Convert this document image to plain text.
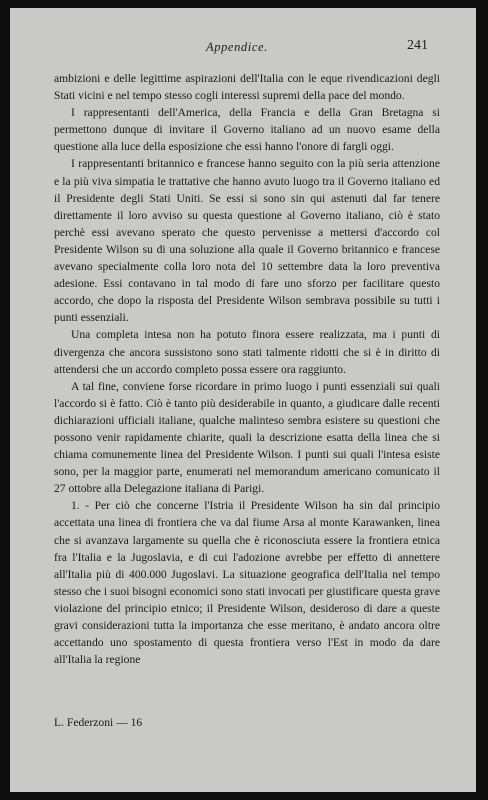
Appendice.	241

ambizioni e delle legittime aspirazioni dell'Italia con le eque rivendicazioni degli Stati vicini e nel tempo stesso cogli interessi supremi della pace del mondo.

I rappresentanti dell'America, della Francia e della Gran Bretagna si permettono dunque di invitare il Governo italiano ad un nuovo esame della questione alla luce della esposizione che essi hanno l'onore di fargli oggi.

I rappresentanti britannico e francese hanno seguito con la più seria attenzione e la più viva simpatia le trattative che hanno avuto luogo tra il Governo italiano ed il Presidente degli Stati Uniti. Se essi si sono sin qui astenuti dal far tenere direttamente il loro avviso su questa questione al Governo italiano, ciò è stato perchè essi avevano sperato che questo pervenisse a mettersi d'accordo col Presidente Wilson su di una soluzione alla quale il Governo britannico e francese avevano specialmente colla loro nota del 10 settembre data la loro preventiva adesione. Essi contavano in tal modo di fare uno sforzo per facilitare questo accordo, che dopo la risposta del Presidente Wilson sembrava possibile su tutti i punti essenziali.

Una completa intesa non ha potuto finora essere realizzata, ma i punti di divergenza che ancora sussistono sono stati talmente ridotti che si è in diritto di attendersi che un accordo completo possa essere ora raggiunto.

A tal fine, conviene forse ricordare in primo luogo i punti essenziali sui quali l'accordo si è fatto. Ciò è tanto più desiderabile in quanto, a giudicare dalle recenti dichiarazioni ufficiali italiane, qualche malinteso sembra esistere su questioni che possono venir rapidamente chiarite, quali la descrizione esatta della linea che si chiama comunemente linea del Presidente Wilson. I punti sui quali l'intesa esiste sono, per la maggior parte, enumerati nel memorandum americano comunicato il 27 ottobre alla Delegazione italiana di Parigi.

1. - Per ciò che concerne l'Istria il Presidente Wilson ha sin dal principio accettata una linea di frontiera che va dal fiume Arsa al monte Karawanken, linea che si avanzava largamente su quella che è riconosciuta essere la frontiera etnica fra l'Italia e la Jugoslavia, e di cui l'adozione avrebbe per effetto di annettere all'Italia più di 400.000 Jugoslavi. La situazione geografica dell'Italia nel tempo stesso che i suoi bisogni economici sono stati invocati per giustificare questa grave violazione del principio etnico; il Presidente Wilson, desideroso di dare a queste gravi considerazioni tutta la importanza che esse meritano, è andato ancora oltre accettando uno spostamento di questa frontiera verso l'Est in modo da dare all'Italia la regione

L. Federzoni — 16
